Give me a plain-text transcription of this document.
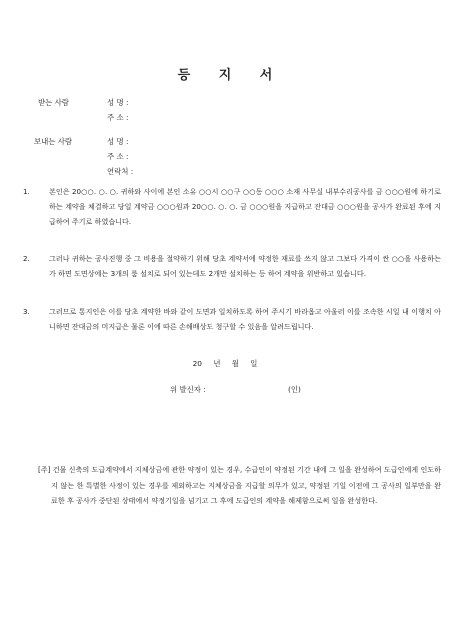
등 지 서
받는 사람	성 명 :
주 소 :
보내는 사람	성 명 :
주 소 :
연락처 :
1.	본인은 20○○. ○. ○. 귀하와 사이에 본인 소유 ○○시 ○○구 ○○동 ○○○ 소재 사무실 내부수리공사를 금 ○○○원에 하기로 하는 계약을 체결하고 당일 계약금 ○○○원과 20○○. ○. ○. 금 ○○○원을 지급하고 잔대금 ○○○원을 공사가 완료된 후에 지급하여 주기로 하였습니다.
2.	그러나 귀하는 공사진행 중 그 비용을 절약하기 위해 당초 계약서에 약정한 재료를 쓰지 않고 그보다 가격이 싼 ○○을 사용하는가 하면 도면상에는 3개의 룸 설치로 되어 있는데도 2개만 설치하는 등 하여 계약을 위반하고 있습니다.
3.	그러므로 통지인은 이를 당초 계약한 바와 같이 도면과 일치하도록 하여 주시기 바라옵고 아울러 이를 조속한 시일 내 이행치 아니하면 잔대금의 미지급은 물론 이에 따른 손해배상도 청구할 수 있음을 알려드립니다.
20 년 월 일
위 발신자 :	(인)
[주] 건물 신축의 도급계약에서 지체상금에 관한 약정이 있는 경우, 수급인이 약정된 기간 내에 그 일을 완성하여 도급인에게 인도하지 않는 한 특별한 사정이 있는 경우를 제외하고는 지체상금을 지급할 의무가 있고, 약정된 기일 이전에 그 공사의 일부만을 완료한 후 공사가 중단된 상태에서 약정기일을 넘기고 그 후에 도급인의 계약을 해제함으로써 일을 완성한다.
